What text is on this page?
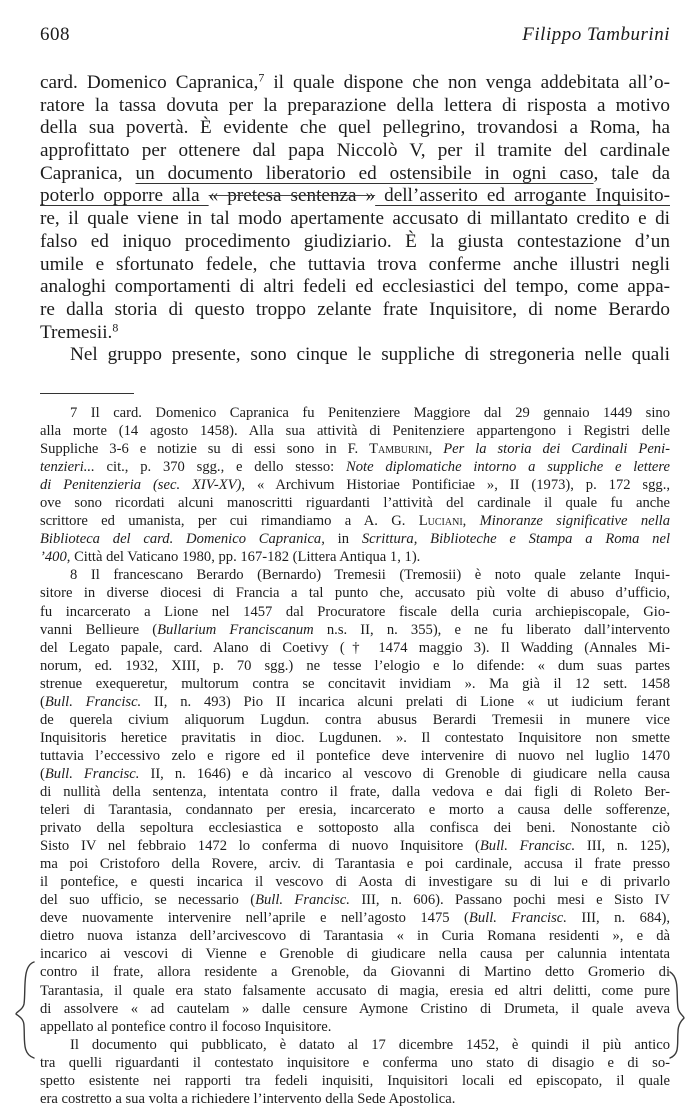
608	Filippo Tamburini
card. Domenico Capranica,$^7$ il quale dispone che non venga addebitata all’o-
ratore la tassa dovuta per la preparazione della lettera di risposta a motivo
della sua povertà. È evidente che quel pellegrino, trovandosi a Roma, ha
approfittato per ottenere dal papa Niccolò V, per il tramite del cardinale
Capranica, un documento liberatorio ed ostensibile in ogni caso, tale da
poterlo opporre alla « pretesa sentenza » dell’asserito ed arrogante Inquisito-
re, il quale viene in tal modo apertamente accusato di millantato credito e di
falso ed iniquo procedimento giudiziario. È la giusta contestazione d’un
umile e sfortunato fedele, che tuttavia trova conferme anche illustri negli
analoghi comportamenti di altri fedeli ed ecclesiastici del tempo, come appa-
re dalla storia di questo troppo zelante frate Inquisitore, di nome Berardo
Tremesii.$^8$
Nel gruppo presente, sono cinque le suppliche di stregoneria nelle quali
7 Il card. Domenico Capranica fu Penitenziere Maggiore dal 29 gennaio 1449 sino
alla morte (14 agosto 1458). Alla sua attività di Penitenziere appartengono i Registri delle
Suppliche 3-6 e notizie su di essi sono in F. Tamburini, Per la storia dei Cardinali Peni-
tenzieri... cit., p. 370 sgg., e dello stesso: Note diplomatiche intorno a suppliche e lettere
di Penitenzieria (sec. XIV-XV), « Archivum Historiae Pontificiae », II (1973), p. 172 sgg.,
ove sono ricordati alcuni manoscritti riguardanti l’attività del cardinale il quale fu anche
scrittore ed umanista, per cui rimandiamo a A. G. Luciani, Minoranze significative nella
Biblioteca del card. Domenico Capranica, in Scrittura, Biblioteche e Stampa a Roma nel
’400, Città del Vaticano 1980, pp. 167-182 (Littera Antiqua 1, 1).
8 Il francescano Berardo (Bernardo) Tremesii (Tremosii) è noto quale zelante Inqui-
sitore in diverse diocesi di Francia a tal punto che, accusato più volte di abuso d’ufficio,
fu incarcerato a Lione nel 1457 dal Procuratore fiscale della curia archiepiscopale, Gio-
vanni Bellieure (Bullarium Franciscanum n.s. II, n. 355), e ne fu liberato dall’intervento
del Legato papale, card. Alano di Coetivy († 1474 maggio 3). Il Wadding (Annales Mi-
norum, ed. 1932, XIII, p. 70 sgg.) ne tesse l’elogio e lo difende: « dum suas partes
strenue exequeretur, multorum contra se concitavit invidiam ». Ma già il 12 sett. 1458
(Bull. Francisc. II, n. 493) Pio II incarica alcuni prelati di Lione « ut iudicium ferant
de querela civium aliquorum Lugdun. contra abusus Berardi Tremesii in munere vice
Inquisitoris heretice pravitatis in dioc. Lugdunen. ». Il contestato Inquisitore non smette
tuttavia l’eccessivo zelo e rigore ed il pontefice deve intervenire di nuovo nel luglio 1470
(Bull. Francisc. II, n. 1646) e dà incarico al vescovo di Grenoble di giudicare nella causa
di nullità della sentenza, intentata contro il frate, dalla vedova e dai figli di Roleto Ber-
teleri di Tarantasia, condannato per eresia, incarcerato e morto a causa delle sofferenze,
privato della sepoltura ecclesiastica e sottoposto alla confisca dei beni. Nonostante ciò
Sisto IV nel febbraio 1472 lo conferma di nuovo Inquisitore (Bull. Francisc. III, n. 125),
ma poi Cristoforo della Rovere, arciv. di Tarantasia e poi cardinale, accusa il frate presso
il pontefice, e questi incarica il vescovo di Aosta di investigare su di lui e di privarlo
del suo ufficio, se necessario (Bull. Francisc. III, n. 606). Passano pochi mesi e Sisto IV
deve nuovamente intervenire nell’aprile e nell’agosto 1475 (Bull. Francisc. III, n. 684),
dietro nuova istanza dell’arcivescovo di Tarantasia « in Curia Romana residenti », e dà
incarico ai vescovi di Vienne e Grenoble di giudicare nella causa per calunnia intentata
contro il frate, allora residente a Grenoble, da Giovanni di Martino detto Gromerio di
Tarantasia, il quale era stato falsamente accusato di magia, eresia ed altri delitti, come pure
di assolvere « ad cautelam » dalle censure Aymone Cristino di Drumeta, il quale aveva
appellato al pontefice contro il focoso Inquisitore.
Il documento qui pubblicato, è datato al 17 dicembre 1452, è quindi il più antico
tra quelli riguardanti il contestato inquisitore e conferma uno stato di disagio e di so-
spetto esistente nei rapporti tra fedeli inquisiti, Inquisitori locali ed episcopato, il quale
era costretto a sua volta a richiedere l’intervento della Sede Apostolica.
